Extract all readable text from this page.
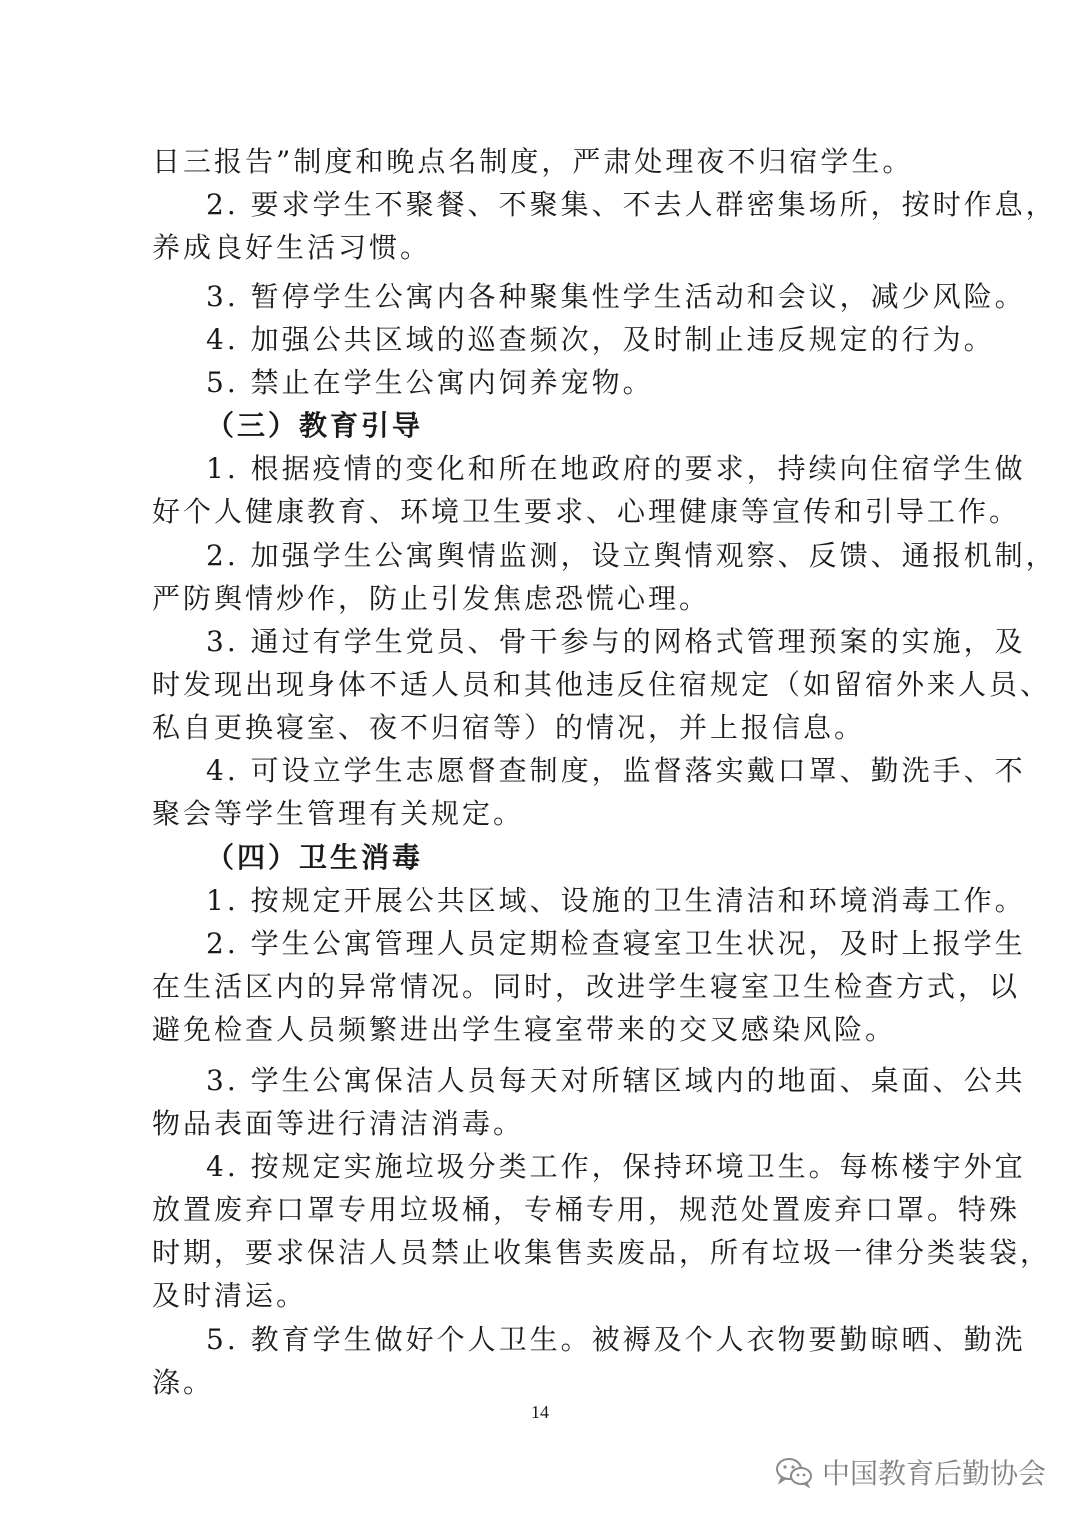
日三报告”制度和晚点名制度，严肃处理夜不归宿学生。
2. 要求学生不聚餐、不聚集、不去人群密集场所，按时作息，
养成良好生活习惯。
3. 暂停学生公寓内各种聚集性学生活动和会议，减少风险。
4. 加强公共区域的巡查频次，及时制止违反规定的行为。
5. 禁止在学生公寓内饲养宠物。
（三）教育引导
1. 根据疫情的变化和所在地政府的要求，持续向住宿学生做
好个人健康教育、环境卫生要求、心理健康等宣传和引导工作。
2. 加强学生公寓舆情监测，设立舆情观察、反馈、通报机制，
严防舆情炒作，防止引发焦虑恐慌心理。
3. 通过有学生党员、骨干参与的网格式管理预案的实施，及
时发现出现身体不适人员和其他违反住宿规定（如留宿外来人员、
私自更换寝室、夜不归宿等）的情况，并上报信息。
4. 可设立学生志愿督查制度，监督落实戴口罩、勤洗手、不
聚会等学生管理有关规定。
（四）卫生消毒
1. 按规定开展公共区域、设施的卫生清洁和环境消毒工作。
2. 学生公寓管理人员定期检查寝室卫生状况，及时上报学生
在生活区内的异常情况。同时，改进学生寝室卫生检查方式，以
避免检查人员频繁进出学生寝室带来的交叉感染风险。
3. 学生公寓保洁人员每天对所辖区域内的地面、桌面、公共
物品表面等进行清洁消毒。
4. 按规定实施垃圾分类工作，保持环境卫生。每栋楼宇外宜
放置废弃口罩专用垃圾桶，专桶专用，规范处置废弃口罩。特殊
时期，要求保洁人员禁止收集售卖废品，所有垃圾一律分类装袋，
及时清运。
5. 教育学生做好个人卫生。被褥及个人衣物要勤晾晒、勤洗
涤。
14
中国教育后勤协会
